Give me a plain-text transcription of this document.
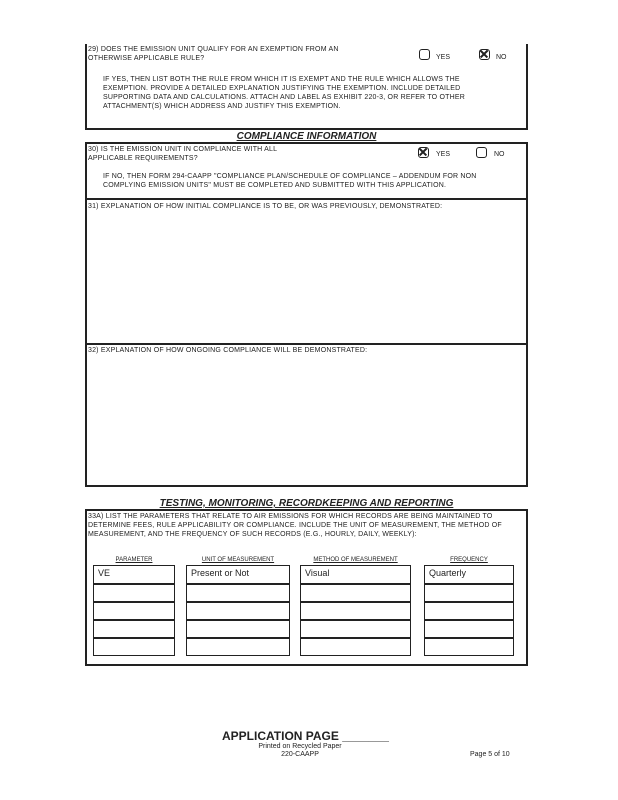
29) DOES THE EMISSION UNIT QUALIFY FOR AN EXEMPTION FROM AN OTHERWISE APPLICABLE RULE?	YES	NO
IF YES, THEN LIST BOTH THE RULE FROM WHICH IT IS EXEMPT AND THE RULE WHICH ALLOWS THE EXEMPTION. PROVIDE A DETAILED EXPLANATION JUSTIFYING THE EXEMPTION. INCLUDE DETAILED SUPPORTING DATA AND CALCULATIONS. ATTACH AND LABEL AS EXHIBIT 220-3, OR REFER TO OTHER ATTACHMENT(S) WHICH ADDRESS AND JUSTIFY THIS EXEMPTION.
COMPLIANCE INFORMATION
30) IS THE EMISSION UNIT IN COMPLIANCE WITH ALL APPLICABLE REQUIREMENTS?
YES	NO
IF NO, THEN FORM 294-CAAPP "COMPLIANCE PLAN/SCHEDULE OF COMPLIANCE – ADDENDUM FOR NON COMPLYING EMISSION UNITS" MUST BE COMPLETED AND SUBMITTED WITH THIS APPLICATION.
31) EXPLANATION OF HOW INITIAL COMPLIANCE IS TO BE, OR WAS PREVIOUSLY, DEMONSTRATED:
32) EXPLANATION OF HOW ONGOING COMPLIANCE WILL BE DEMONSTRATED:
TESTING, MONITORING, RECORDKEEPING AND REPORTING
33A) LIST THE PARAMETERS THAT RELATE TO AIR EMISSIONS FOR WHICH RECORDS ARE BEING MAINTAINED TO DETERMINE FEES, RULE APPLICABILITY OR COMPLIANCE. INCLUDE THE UNIT OF MEASUREMENT, THE METHOD OF MEASUREMENT, AND THE FREQUENCY OF SUCH RECORDS (E.G., HOURLY, DAILY, WEEKLY):
PARAMETER	UNIT OF MEASUREMENT	METHOD OF MEASUREMENT	FREQUENCY
VE	Present or Not	Visual	Quarterly
APPLICATION PAGE _______
Printed on Recycled Paper
220-CAAPP	Page 5 of 10
